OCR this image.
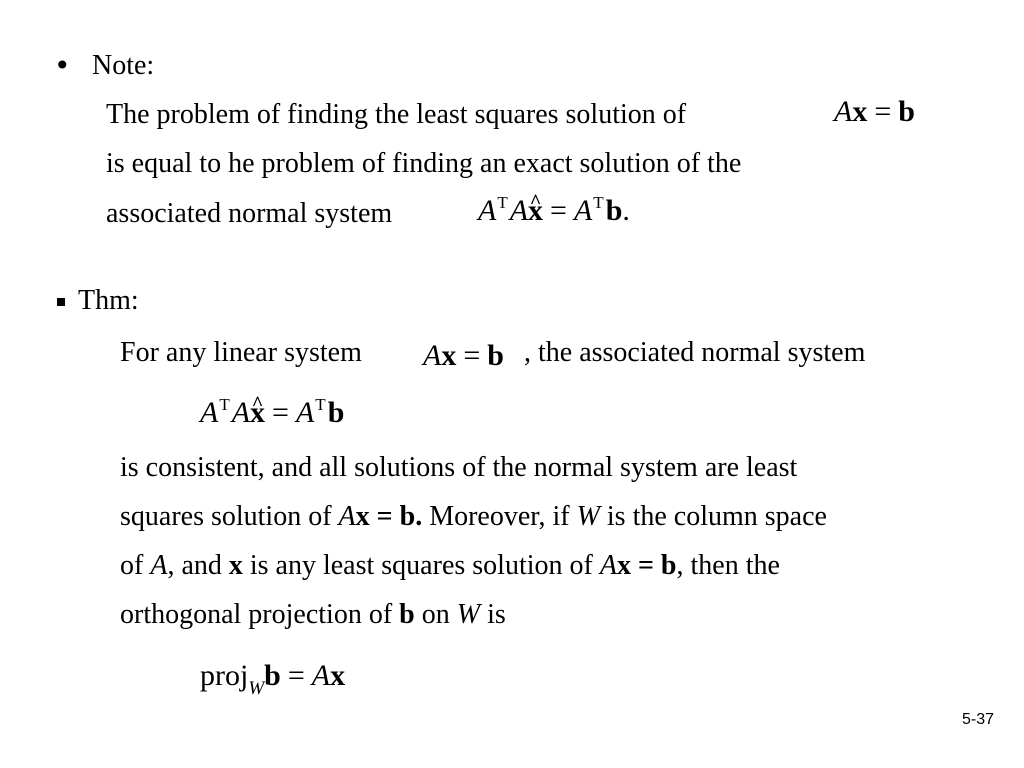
• Note:
The problem of finding the least squares solution of	Ax = b
is equal to he problem of finding an exact solution of the
associated normal system	$A^TAx$ ^ = $A^Tb$.
Thm:
For any linear system Ax = b , the associated normal system
$A^TAx$ ^ = $A^Tb$
is consistent, and all solutions of the normal system are least
squares solution of Ax = b. Moreover, if W is the column space
of A, and x is any least squares solution of Ax = b, then the
orthogonal projection of b on W is
proj$_W$b = Ax
5-37
